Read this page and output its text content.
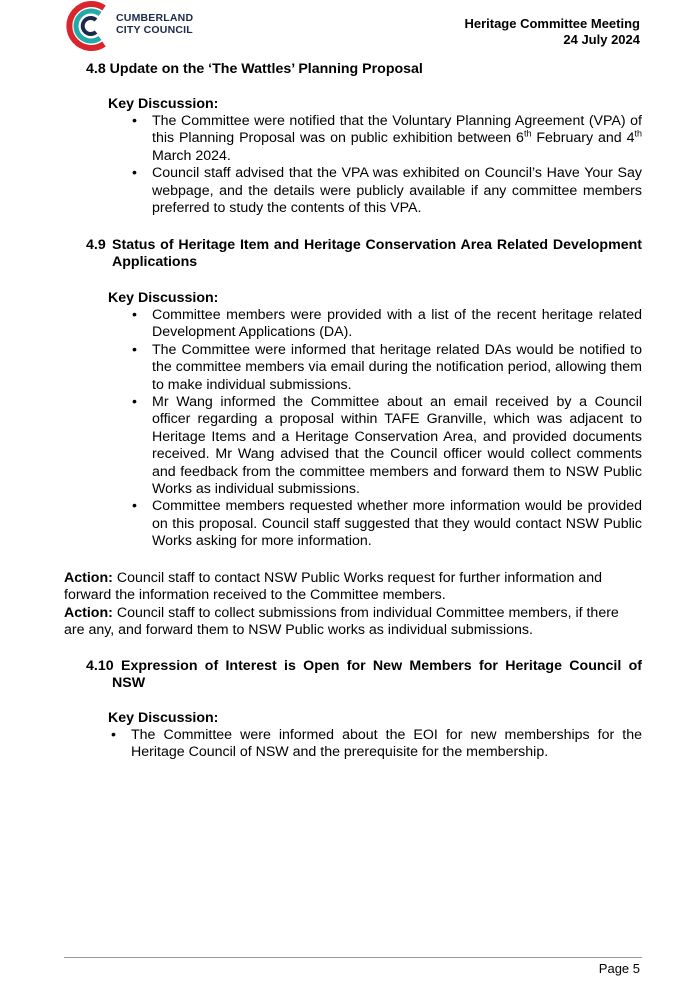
CUMBERLAND
CITY COUNCIL	Heritage Committee Meeting
24 July 2024
4.8 Update on the ‘The Wattles’ Planning Proposal
Key Discussion:
• The Committee were notified that the Voluntary Planning Agreement (VPA) of this Planning Proposal was on public exhibition between 6th February and 4th March 2024.
• Council staff advised that the VPA was exhibited on Council’s Have Your Say webpage, and the details were publicly available if any committee members preferred to study the contents of this VPA.
4.9 Status of Heritage Item and Heritage Conservation Area Related Development Applications
Key Discussion:
• Committee members were provided with a list of the recent heritage related Development Applications (DA).
• The Committee were informed that heritage related DAs would be notified to the committee members via email during the notification period, allowing them to make individual submissions.
• Mr Wang informed the Committee about an email received by a Council officer regarding a proposal within TAFE Granville, which was adjacent to Heritage Items and a Heritage Conservation Area, and provided documents received. Mr Wang advised that the Council officer would collect comments and feedback from the committee members and forward them to NSW Public Works as individual submissions.
• Committee members requested whether more information would be provided on this proposal. Council staff suggested that they would contact NSW Public Works asking for more information.
Action: Council staff to contact NSW Public Works request for further information and forward the information received to the Committee members.
Action: Council staff to collect submissions from individual Committee members, if there are any, and forward them to NSW Public works as individual submissions.
4.10 Expression of Interest is Open for New Members for Heritage Council of NSW
Key Discussion:
• The Committee were informed about the EOI for new memberships for the Heritage Council of NSW and the prerequisite for the membership.
Page 5
